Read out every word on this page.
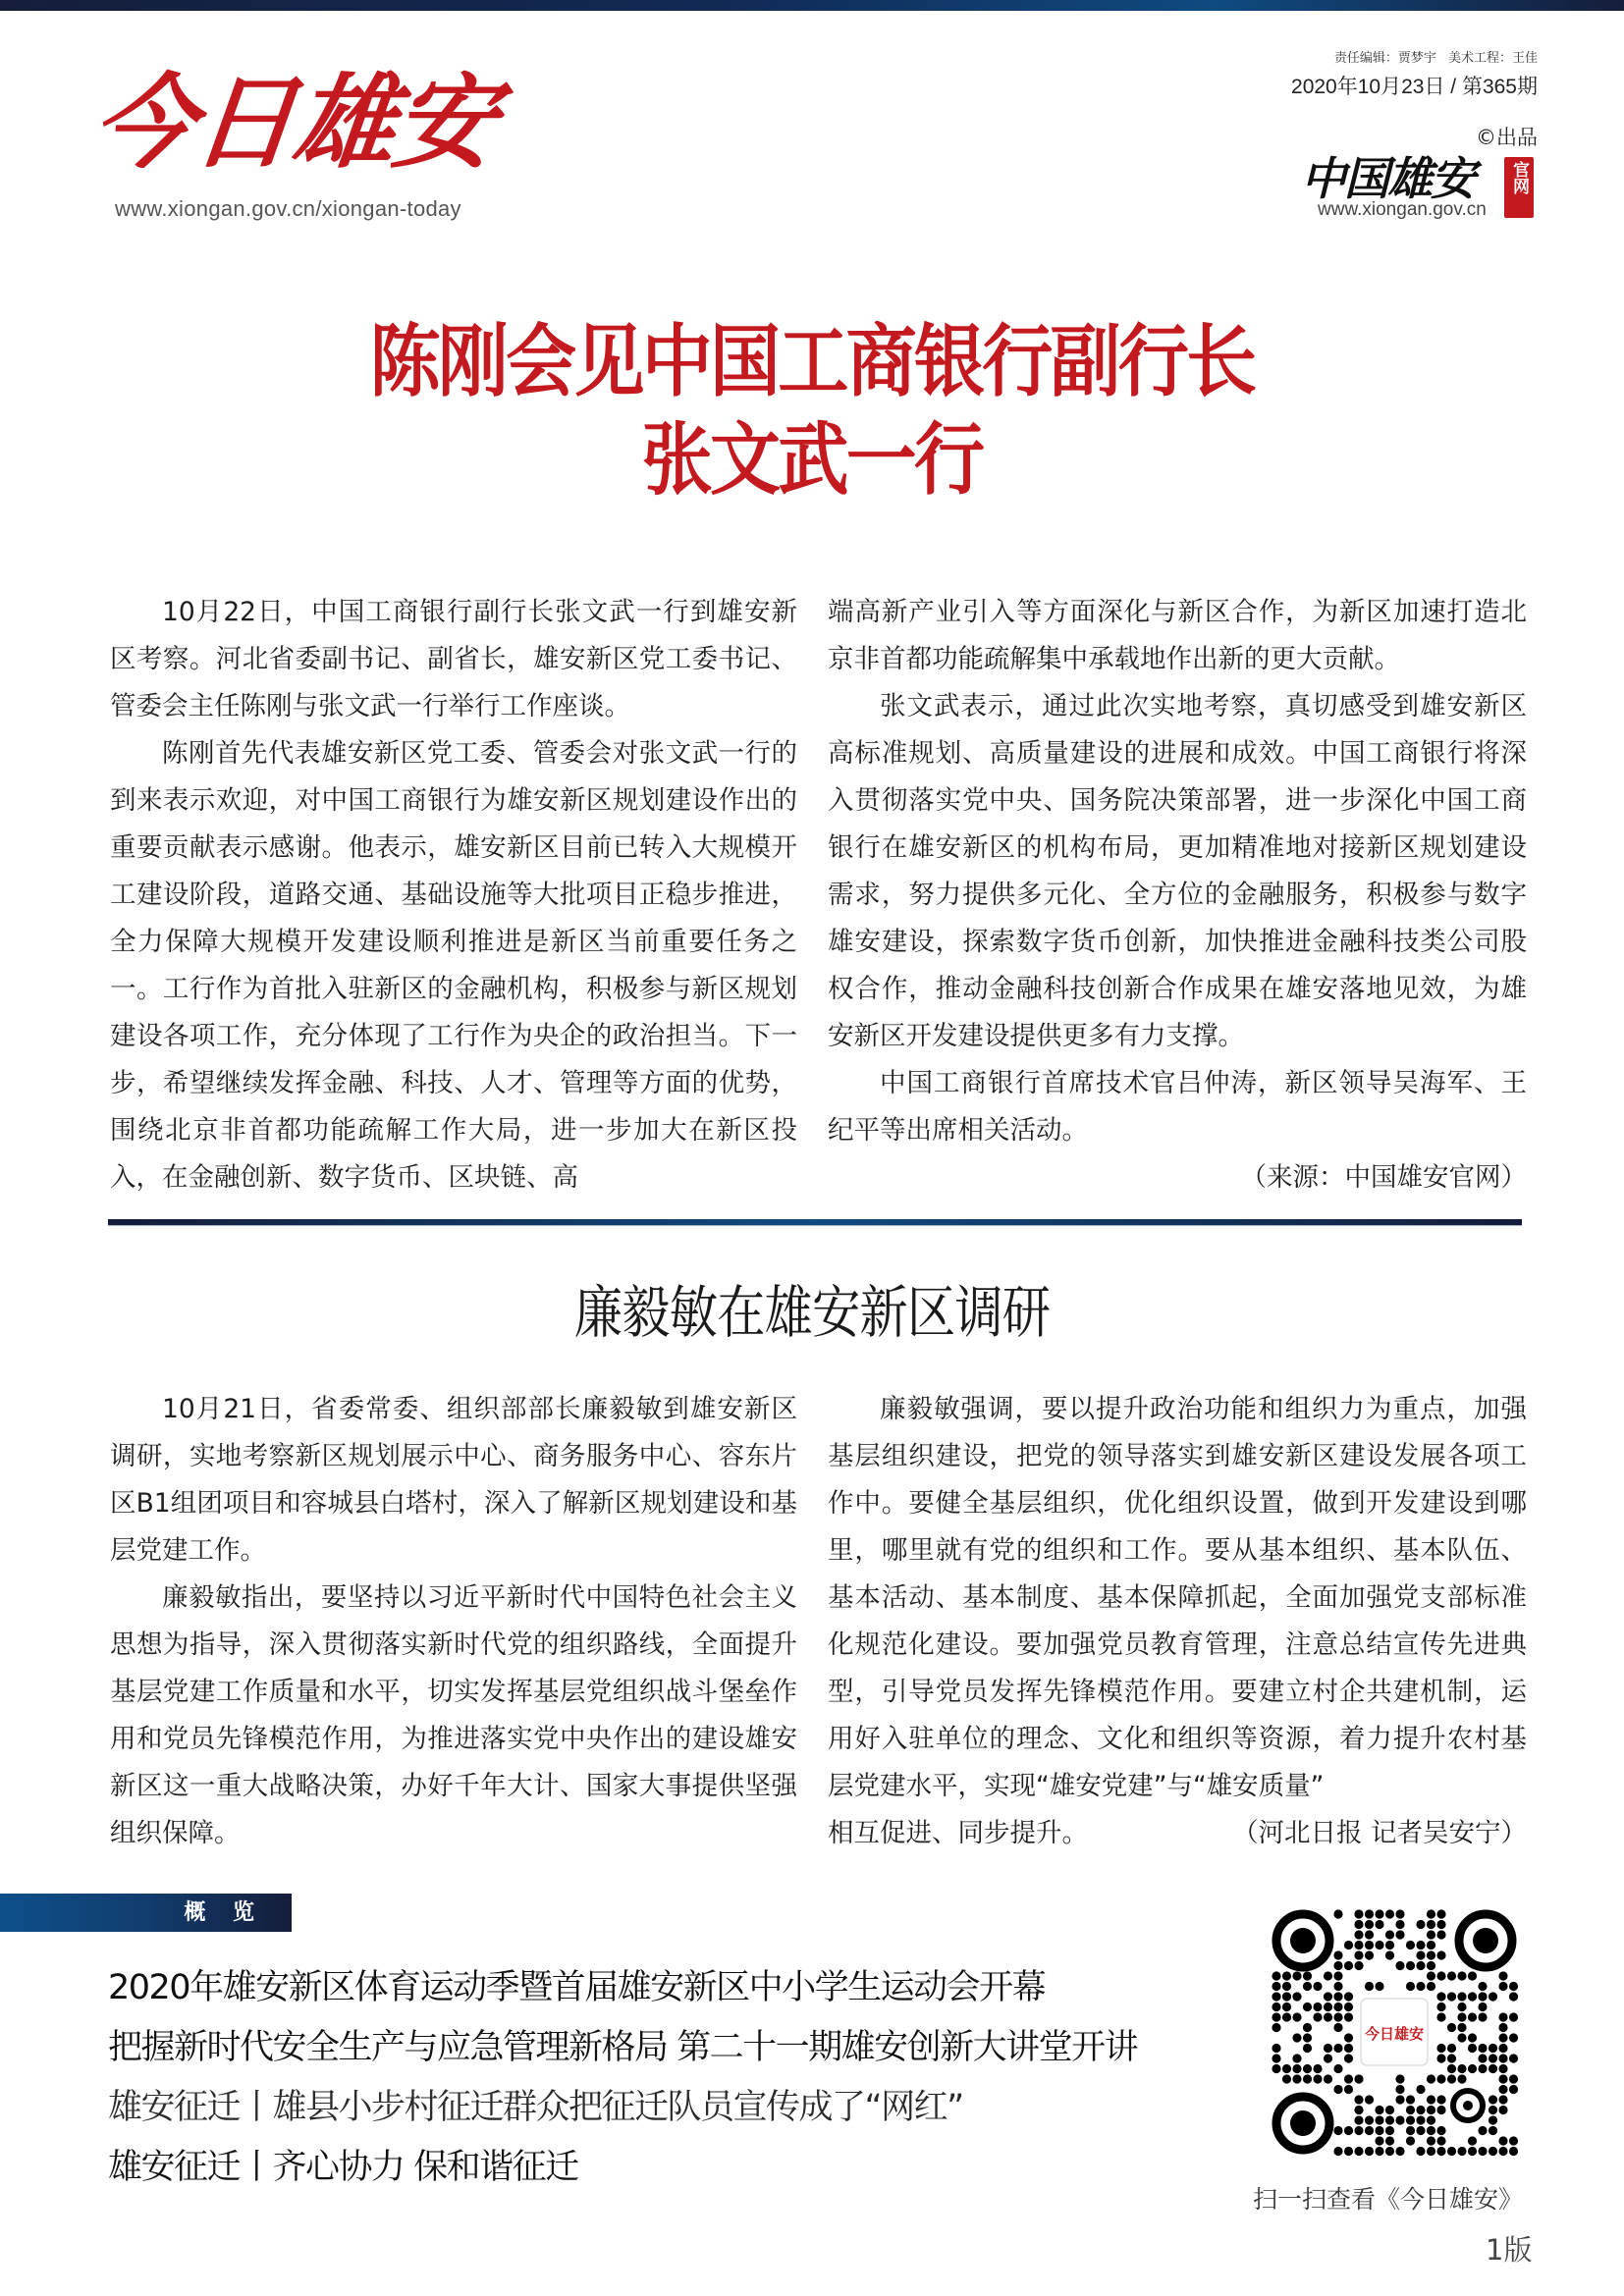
今日雄安
www.xiongan.gov.cn/xiongan-today
责任编辑：贾梦宇 美术工程：王佳
2020年10月23日 / 第365期
©出品
中国雄安 官网
www.xiongan.gov.cn
陈刚会见中国工商银行副行长
张文武一行

10月22日，中国工商银行副行长张文武一行到雄安新区考察。河北省委副书记、副省长，雄安新区党工委书记、管委会主任陈刚与张文武一行举行工作座谈。

陈刚首先代表雄安新区党工委、管委会对张文武一行的到来表示欢迎，对中国工商银行为雄安新区规划建设作出的重要贡献表示感谢。他表示，雄安新区目前已转入大规模开工建设阶段，道路交通、基础设施等大批项目正稳步推进，全力保障大规模开发建设顺利推进是新区当前重要任务之一。工行作为首批入驻新区的金融机构，积极参与新区规划建设各项工作，充分体现了工行作为央企的政治担当。下一步，希望继续发挥金融、科技、人才、管理等方面的优势，围绕北京非首都功能疏解工作大局，进一步加大在新区投入，在金融创新、数字货币、区块链、高

端高新产业引入等方面深化与新区合作，为新区加速打造北京非首都功能疏解集中承载地作出新的更大贡献。

张文武表示，通过此次实地考察，真切感受到雄安新区高标准规划、高质量建设的进展和成效。中国工商银行将深入贯彻落实党中央、国务院决策部署，进一步深化中国工商银行在雄安新区的机构布局，更加精准地对接新区规划建设需求，努力提供多元化、全方位的金融服务，积极参与数字雄安建设，探索数字货币创新，加快推进金融科技类公司股权合作，推动金融科技创新合作成果在雄安落地见效，为雄安新区开发建设提供更多有力支撑。

中国工商银行首席技术官吕仲涛，新区领导吴海军、王纪平等出席相关活动。

（来源：中国雄安官网）

廉毅敏在雄安新区调研

10月21日，省委常委、组织部部长廉毅敏到雄安新区调研，实地考察新区规划展示中心、商务服务中心、容东片区B1组团项目和容城县白塔村，深入了解新区规划建设和基层党建工作。

廉毅敏指出，要坚持以习近平新时代中国特色社会主义思想为指导，深入贯彻落实新时代党的组织路线，全面提升基层党建工作质量和水平，切实发挥基层党组织战斗堡垒作用和党员先锋模范作用，为推进落实党中央作出的建设雄安新区这一重大战略决策，办好千年大计、国家大事提供坚强组织保障。

廉毅敏强调，要以提升政治功能和组织力为重点，加强基层组织建设，把党的领导落实到雄安新区建设发展各项工作中。要健全基层组织，优化组织设置，做到开发建设到哪里，哪里就有党的组织和工作。要从基本组织、基本队伍、基本活动、基本制度、基本保障抓起，全面加强党支部标准化规范化建设。要加强党员教育管理，注意总结宣传先进典型，引导党员发挥先锋模范作用。要建立村企共建机制，运用好入驻单位的理念、文化和组织等资源，着力提升农村基层党建水平，实现“雄安党建”与“雄安质量”

相互促进、同步提升。	（河北日报 记者吴安宁）

概 览
2020年雄安新区体育运动季暨首届雄安新区中小学生运动会开幕
把握新时代安全生产与应急管理新格局 第二十一期雄安创新大讲堂开讲
雄安征迁丨雄县小步村征迁群众把征迁队员宣传成了“网红”
雄安征迁丨齐心协力 保和谐征迁
今日雄安
扫一扫查看《今日雄安》
1版
